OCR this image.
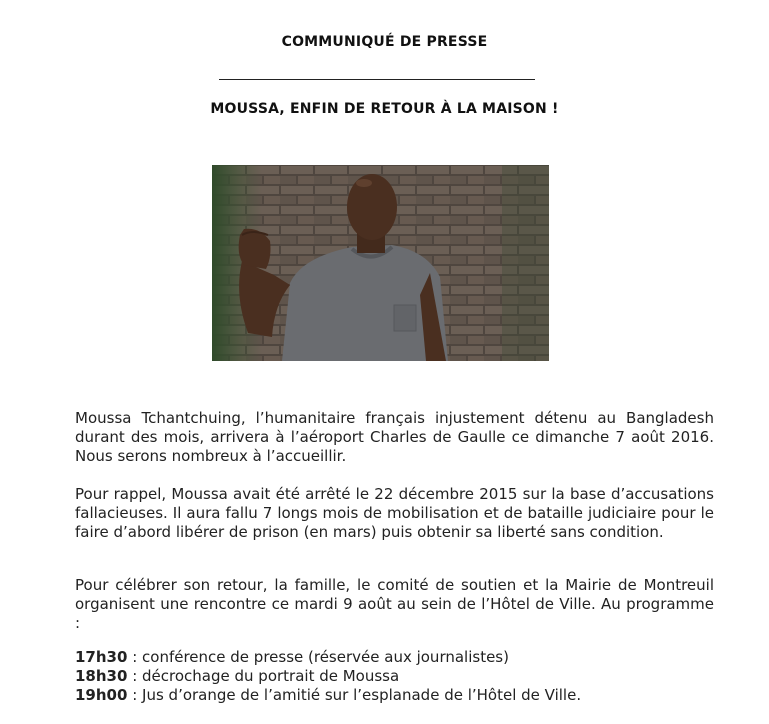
COMMUNIQUÉ DE PRESSE
MOUSSA, ENFIN DE RETOUR À LA MAISON !

Moussa Tchantchuing, l’humanitaire français injustement détenu au Bangladesh durant des mois, arrivera à l’aéroport Charles de Gaulle ce dimanche 7 août 2016. Nous serons nombreux à l’accueillir.

Pour rappel, Moussa avait été arrêté le 22 décembre 2015 sur la base d’accusations fallacieuses. Il aura fallu 7 longs mois de mobilisation et de bataille judiciaire pour le faire d’abord libérer de prison (en mars) puis obtenir sa liberté sans condition.

Pour célébrer son retour, la famille, le comité de soutien et la Mairie de Montreuil organisent une rencontre ce mardi 9 août au sein de l’Hôtel de Ville. Au programme :

17h30 : conférence de presse (réservée aux journalistes)
18h30 : décrochage du portrait de Moussa
19h00 : Jus d’orange de l’amitié sur l’esplanade de l’Hôtel de Ville.
